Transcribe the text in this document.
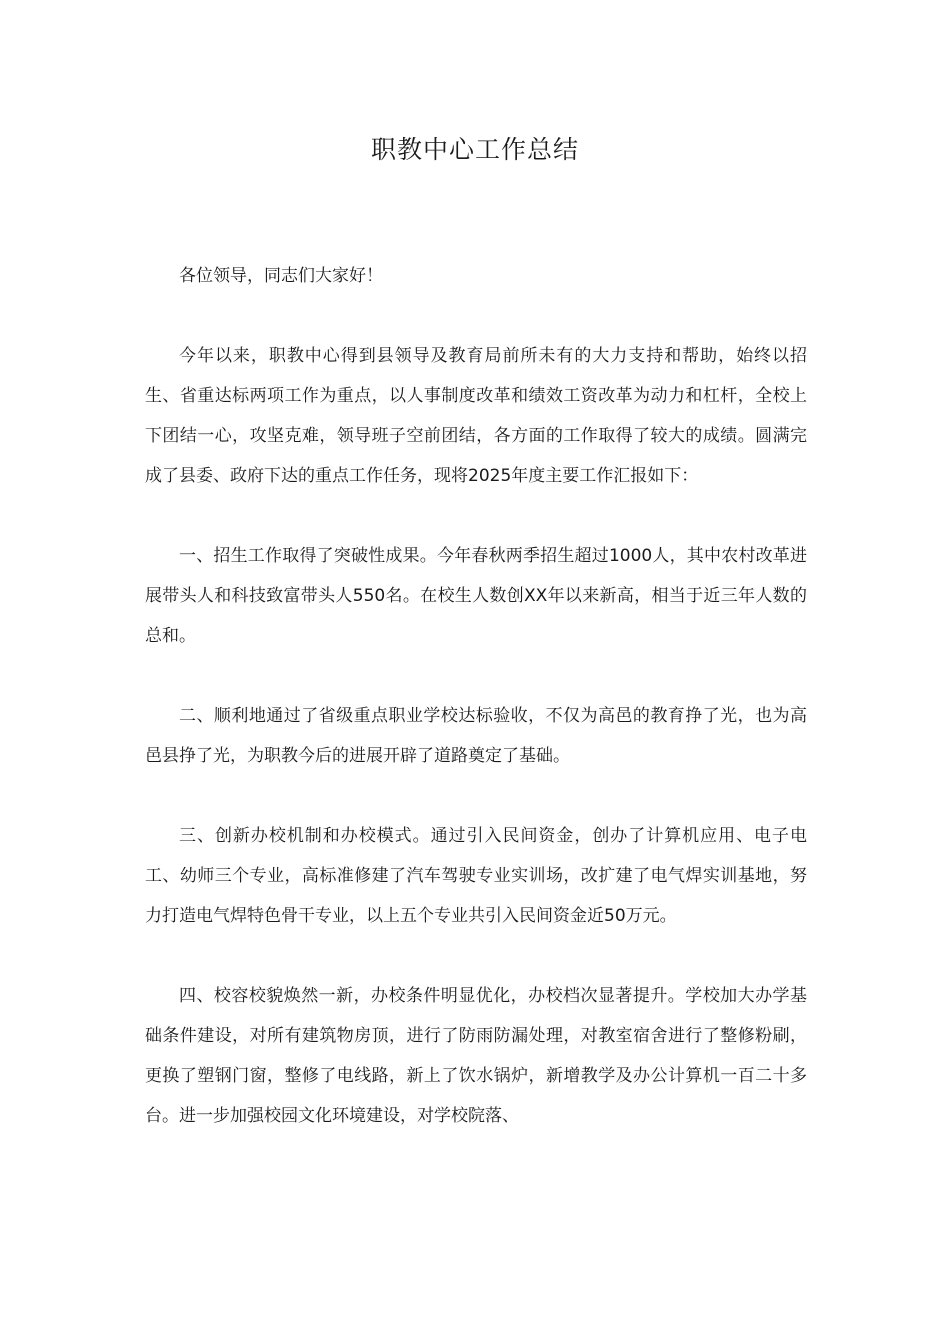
职教中心工作总结

各位领导，同志们大家好！

今年以来，职教中心得到县领导及教育局前所未有的大力支持和帮助，始终以招生、省重达标两项工作为重点，以人事制度改革和绩效工资改革为动力和杠杆，全校上下团结一心，攻坚克难，领导班子空前团结，各方面的工作取得了较大的成绩。圆满完成了县委、政府下达的重点工作任务，现将2025年度主要工作汇报如下：

一、招生工作取得了突破性成果。今年春秋两季招生超过1000人，其中农村改革进展带头人和科技致富带头人550名。在校生人数创XX年以来新高，相当于近三年人数的总和。

二、顺利地通过了省级重点职业学校达标验收，不仅为高邑的教育挣了光，也为高邑县挣了光，为职教今后的进展开辟了道路奠定了基础。

三、创新办校机制和办校模式。通过引入民间资金，创办了计算机应用、电子电工、幼师三个专业，高标准修建了汽车驾驶专业实训场，改扩建了电气焊实训基地，努力打造电气焊特色骨干专业，以上五个专业共引入民间资金近50万元。

四、校容校貌焕然一新，办校条件明显优化，办校档次显著提升。学校加大办学基础条件建设，对所有建筑物房顶，进行了防雨防漏处理，对教室宿舍进行了整修粉刷，更换了塑钢门窗，整修了电线路，新上了饮水锅炉，新增教学及办公计算机一百二十多台。进一步加强校园文化环境建设，对学校院落、
